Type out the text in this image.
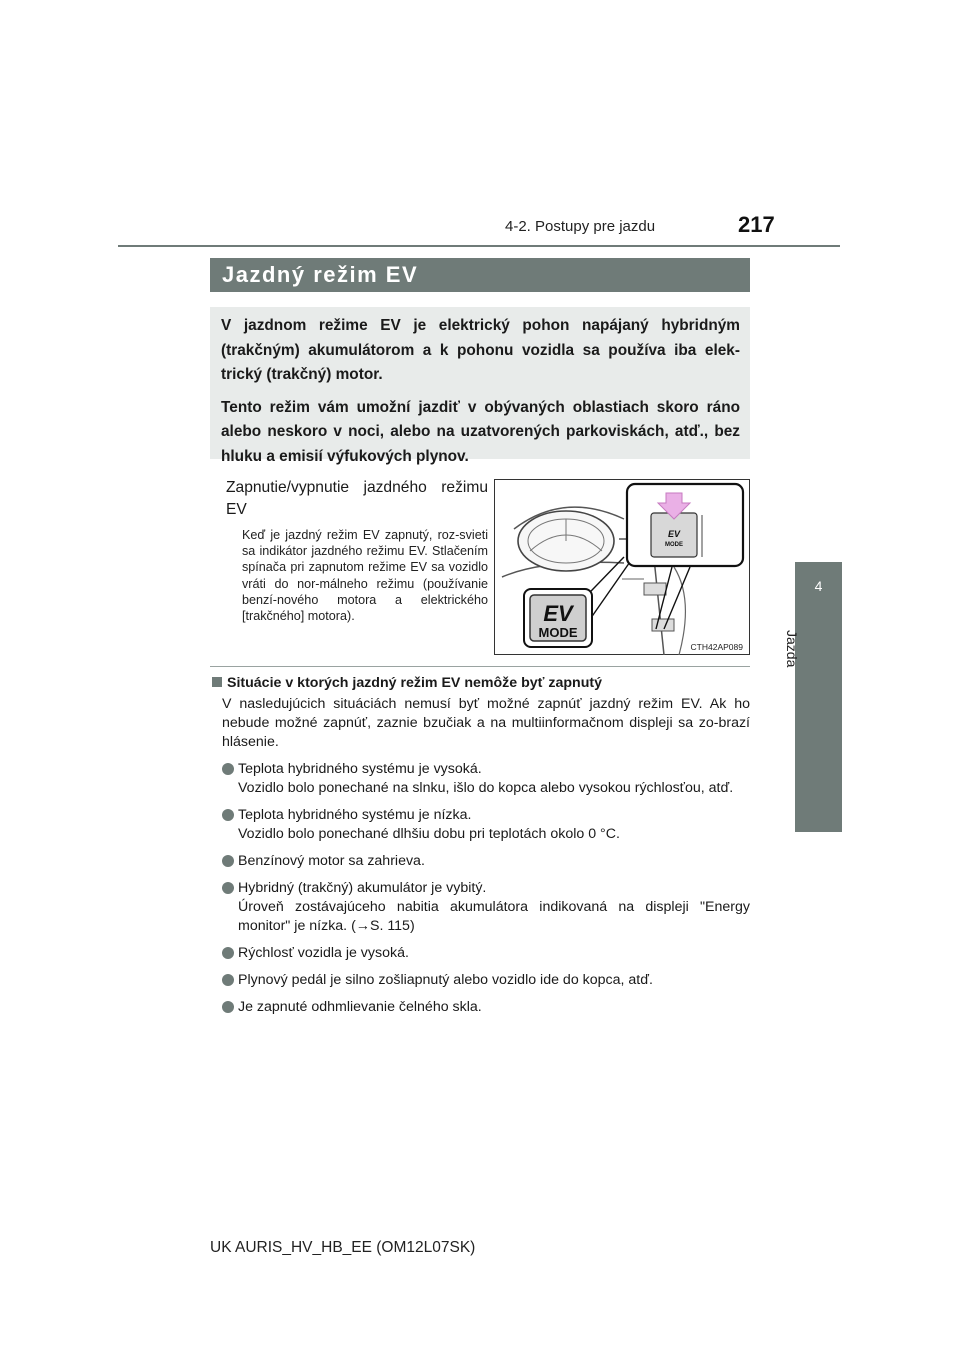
4-2. Postupy pre jazdu	217
4
Jazda
Jazdný režim EV

V jazdnom režime EV je elektrický pohon napájaný hybridným (trakčným) akumulátorom a k pohonu vozidla sa používa iba elek-trický (trakčný) motor.

Tento režim vám umožní jazdiť v obývaných oblastiach skoro ráno alebo neskoro v noci, alebo na uzatvorených parkoviskách, atď., bez hluku a emisií výfukových plynov.

Zapnutie/vypnutie jazdného režimu EV
Keď je jazdný režim EV zapnutý, roz-svieti sa indikátor jazdného režimu EV. Stlačením spínača pri zapnutom režime EV sa vozidlo vráti do nor-málneho režimu (používanie benzí-nového motora a elektrického [trakčného] motora).
EV
MODE
EV
MODE
CTH42AP089
Situácie v ktorých jazdný režim EV nemôže byť zapnutý
V nasledujúcich situáciách nemusí byť možné zapnúť jazdný režim EV. Ak ho nebude možné zapnúť, zaznie bzučiak a na multiinformačnom displeji sa zo-brazí hlásenie.
Teplota hybridného systému je vysoká.
Vozidlo bolo ponechané na slnku, išlo do kopca alebo vysokou rýchlosťou, atď.
Teplota hybridného systému je nízka.
Vozidlo bolo ponechané dlhšiu dobu pri teplotách okolo 0 °C.
Benzínový motor sa zahrieva.
Hybridný (trakčný) akumulátor je vybitý.
Úroveň zostávajúceho nabitia akumulátora indikovaná na displeji "Energy monitor" je nízka. (→S. 115)
Rýchlosť vozidla je vysoká.
Plynový pedál je silno zošliapnutý alebo vozidlo ide do kopca, atď.
Je zapnuté odhmlievanie čelného skla.
UK AURIS_HV_HB_EE (OM12L07SK)
